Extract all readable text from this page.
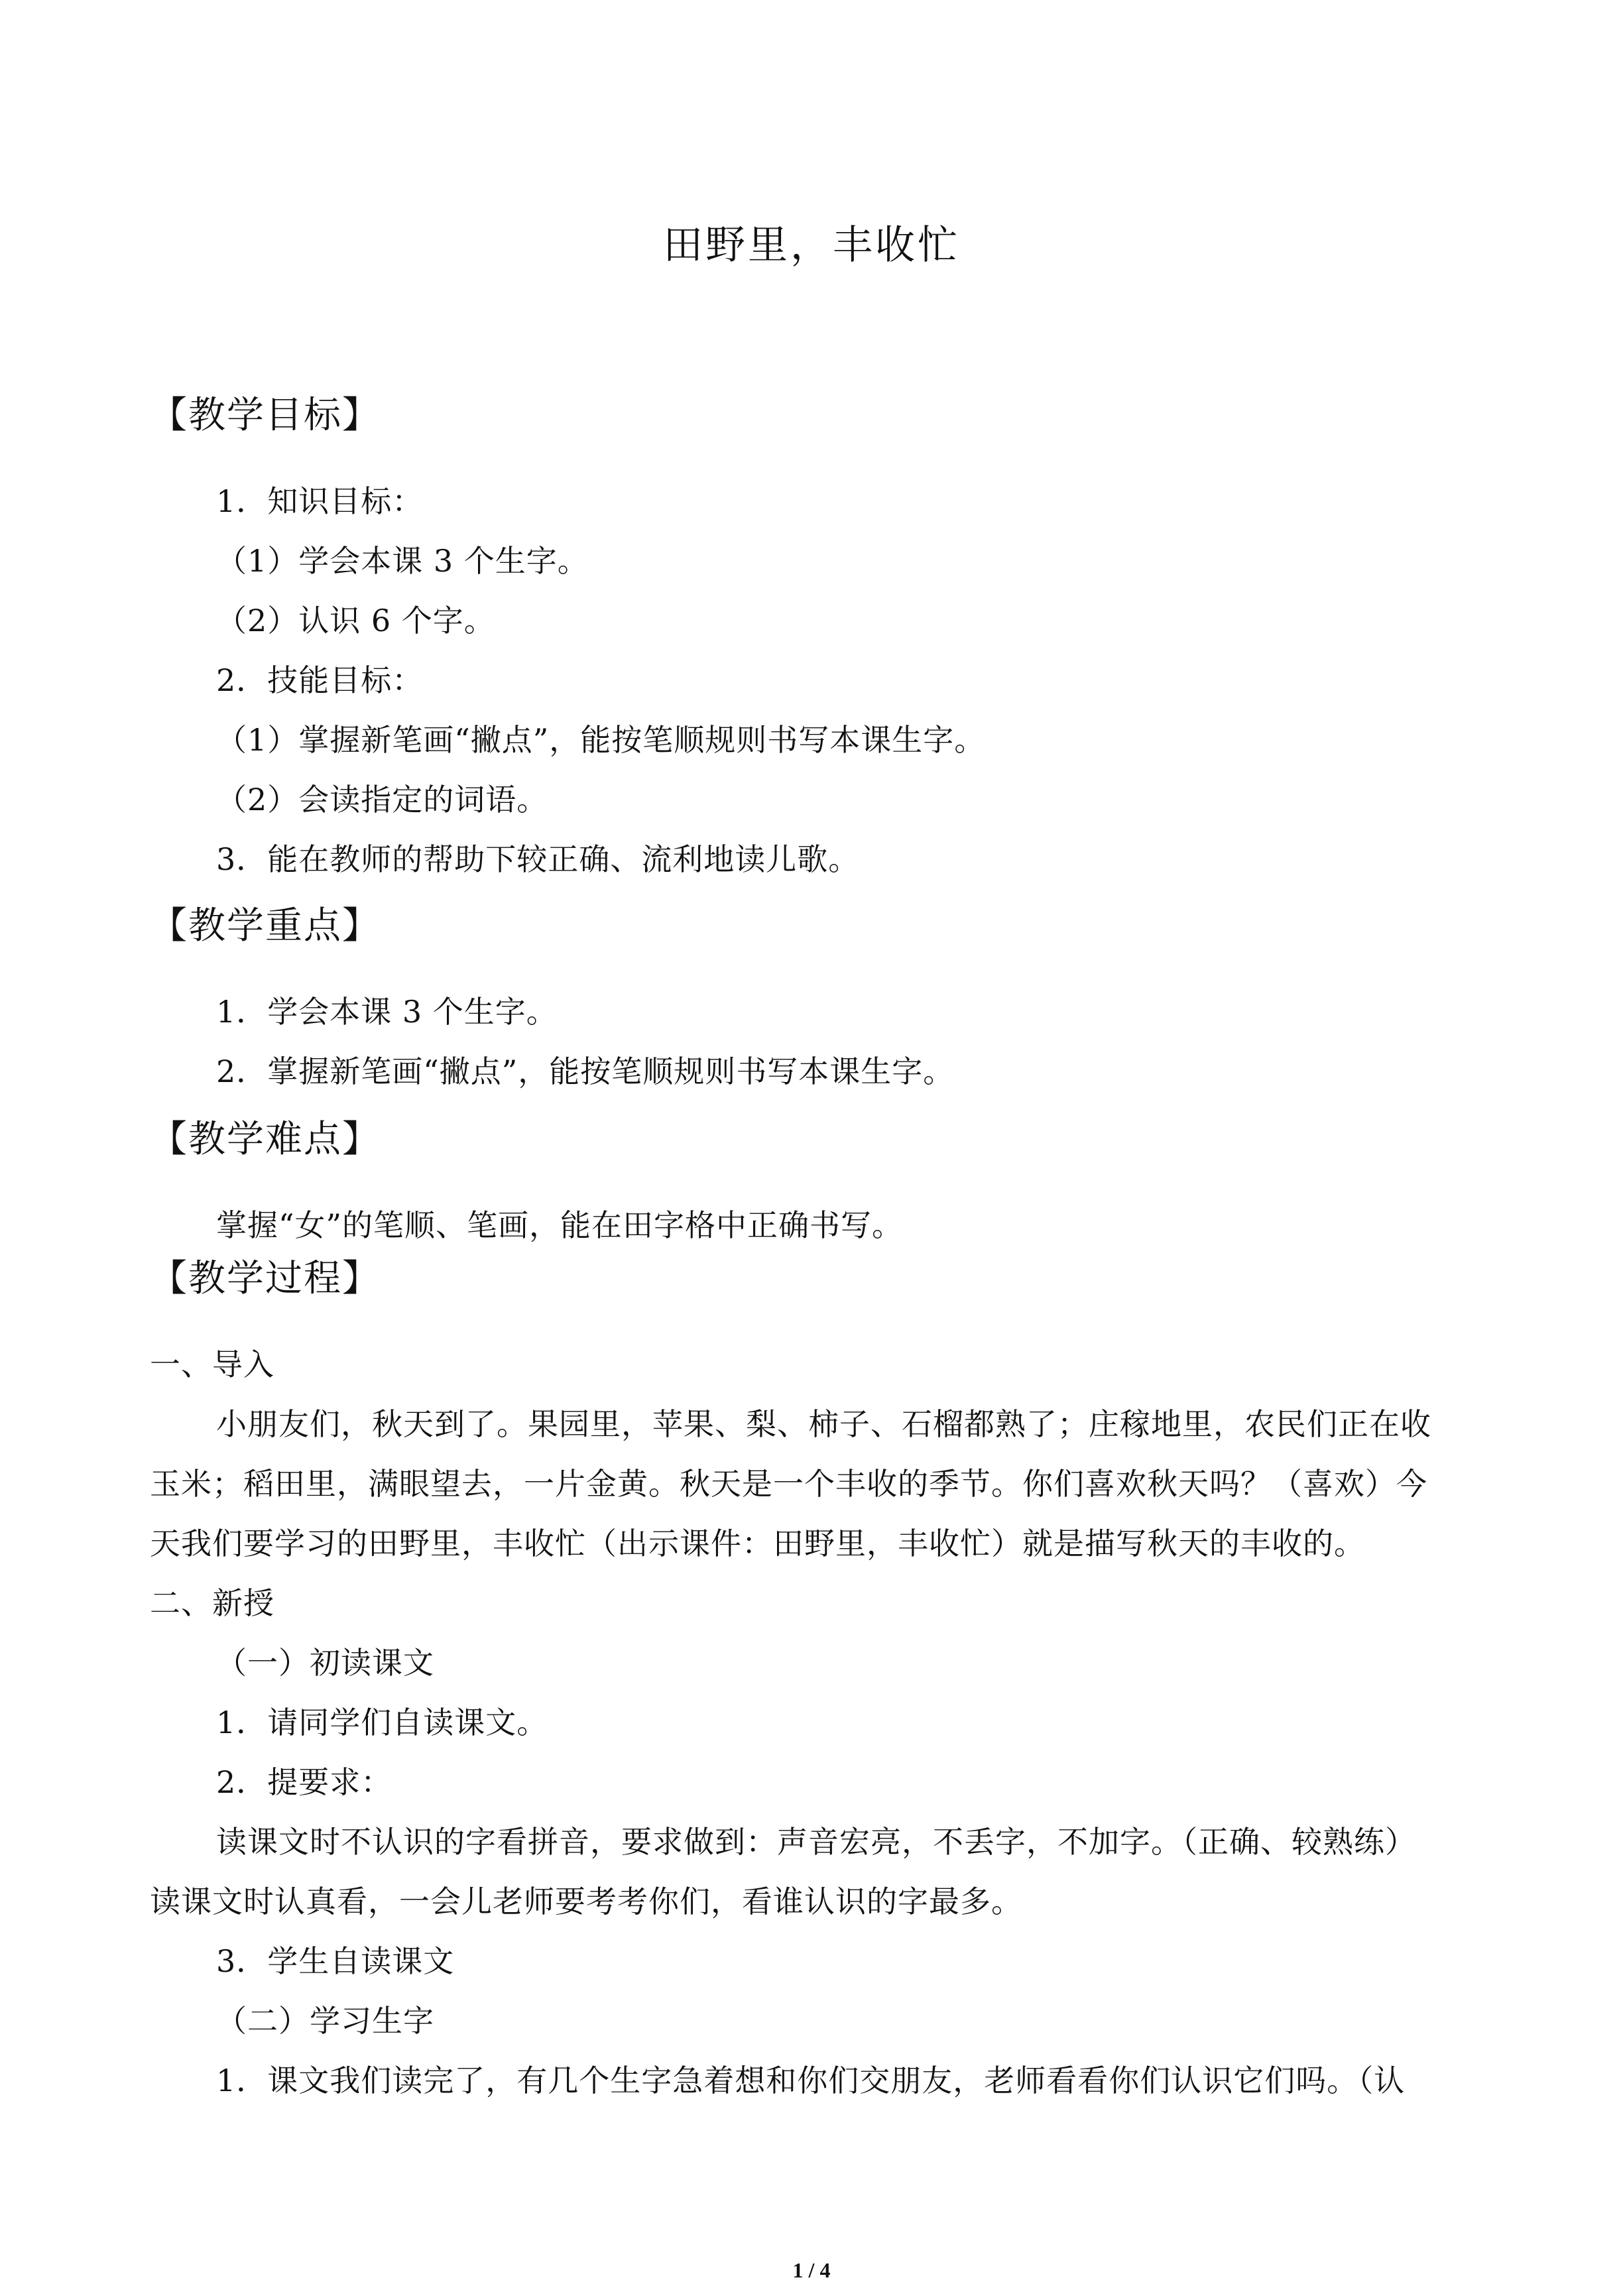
田野里，丰收忙
【教学目标】
1．知识目标：
（1）学会本课 3 个生字。
（2）认识 6 个字。
2．技能目标：
（1）掌握新笔画“撇点”，能按笔顺规则书写本课生字。
（2）会读指定的词语。
3．能在教师的帮助下较正确、流利地读儿歌。
【教学重点】
1．学会本课 3 个生字。
2．掌握新笔画“撇点”，能按笔顺规则书写本课生字。
【教学难点】
掌握“女”的笔顺、笔画，能在田字格中正确书写。
【教学过程】
一、导入
小朋友们，秋天到了。果园里，苹果、梨、柿子、石榴都熟了；庄稼地里，农民们正在收
玉米；稻田里，满眼望去，一片金黄。秋天是一个丰收的季节。你们喜欢秋天吗？（喜欢）今
天我们要学习的田野里，丰收忙（出示课件：田野里，丰收忙）就是描写秋天的丰收的。
二、新授
（一）初读课文
1．请同学们自读课文。
2．提要求：
读课文时不认识的字看拼音，要求做到：声音宏亮，不丢字，不加字。（正确、较熟练）
读课文时认真看，一会儿老师要考考你们，看谁认识的字最多。
3．学生自读课文
（二）学习生字
1．课文我们读完了，有几个生字急着想和你们交朋友，老师看看你们认识它们吗。（认
1 / 4
